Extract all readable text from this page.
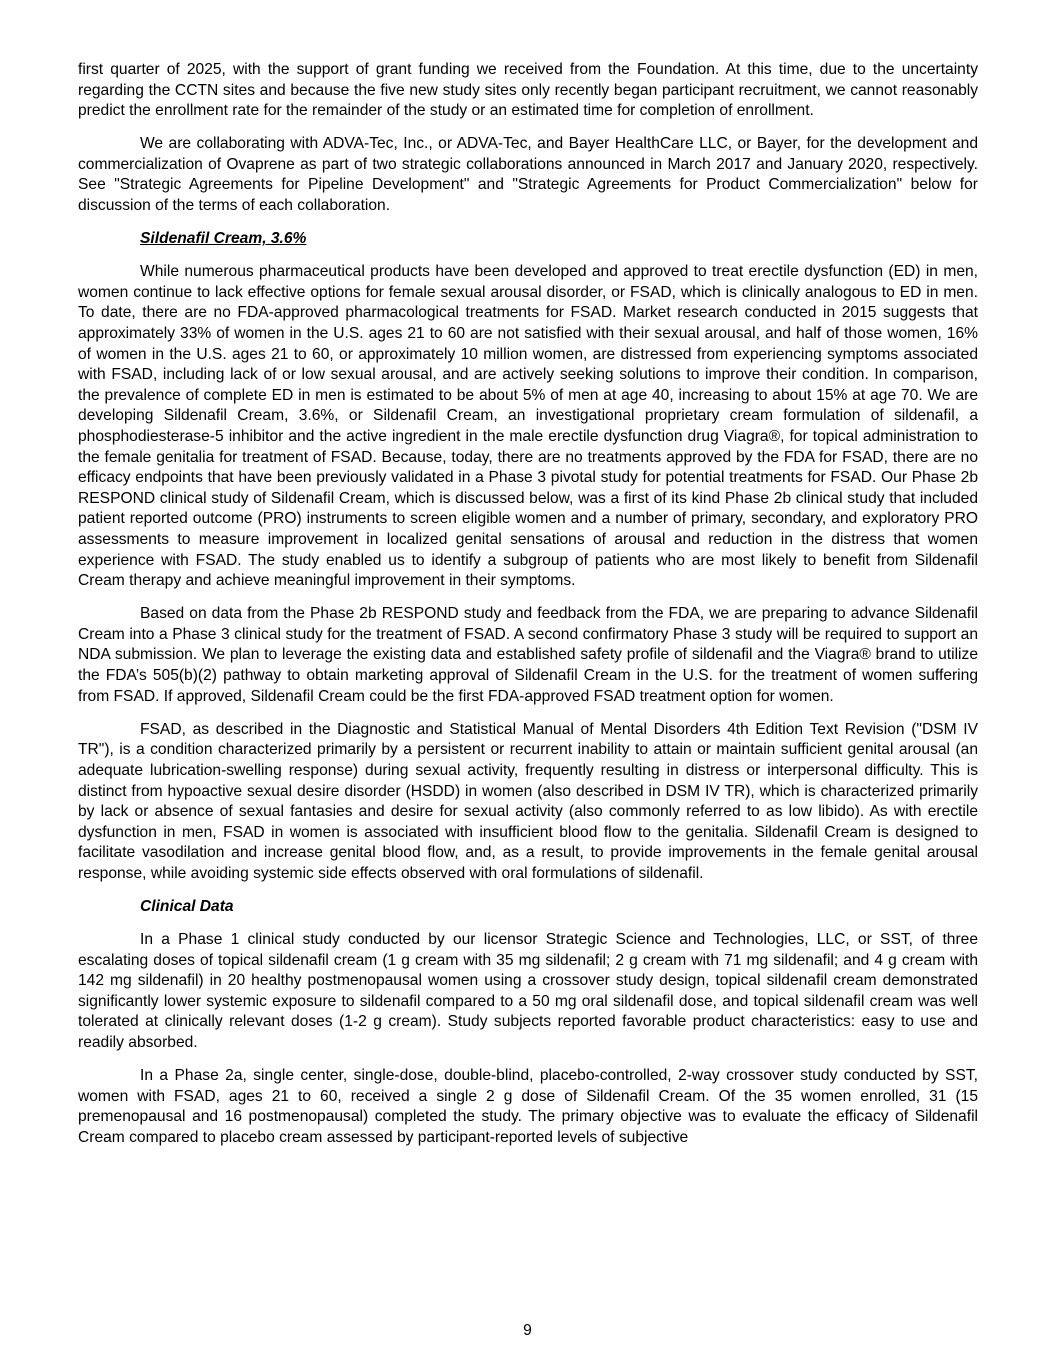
first quarter of 2025, with the support of grant funding we received from the Foundation. At this time, due to the uncertainty regarding the CCTN sites and because the five new study sites only recently began participant recruitment, we cannot reasonably predict the enrollment rate for the remainder of the study or an estimated time for completion of enrollment.

We are collaborating with ADVA-Tec, Inc., or ADVA-Tec, and Bayer HealthCare LLC, or Bayer, for the development and commercialization of Ovaprene as part of two strategic collaborations announced in March 2017 and January 2020, respectively. See "Strategic Agreements for Pipeline Development" and "Strategic Agreements for Product Commercialization" below for discussion of the terms of each collaboration.

Sildenafil Cream, 3.6%

While numerous pharmaceutical products have been developed and approved to treat erectile dysfunction (ED) in men, women continue to lack effective options for female sexual arousal disorder, or FSAD, which is clinically analogous to ED in men. To date, there are no FDA-approved pharmacological treatments for FSAD. Market research conducted in 2015 suggests that approximately 33% of women in the U.S. ages 21 to 60 are not satisfied with their sexual arousal, and half of those women, 16% of women in the U.S. ages 21 to 60, or approximately 10 million women, are distressed from experiencing symptoms associated with FSAD, including lack of or low sexual arousal, and are actively seeking solutions to improve their condition. In comparison, the prevalence of complete ED in men is estimated to be about 5% of men at age 40, increasing to about 15% at age 70. We are developing Sildenafil Cream, 3.6%, or Sildenafil Cream, an investigational proprietary cream formulation of sildenafil, a phosphodiesterase-5 inhibitor and the active ingredient in the male erectile dysfunction drug Viagra®, for topical administration to the female genitalia for treatment of FSAD. Because, today, there are no treatments approved by the FDA for FSAD, there are no efficacy endpoints that have been previously validated in a Phase 3 pivotal study for potential treatments for FSAD. Our Phase 2b RESPOND clinical study of Sildenafil Cream, which is discussed below, was a first of its kind Phase 2b clinical study that included patient reported outcome (PRO) instruments to screen eligible women and a number of primary, secondary, and exploratory PRO assessments to measure improvement in localized genital sensations of arousal and reduction in the distress that women experience with FSAD. The study enabled us to identify a subgroup of patients who are most likely to benefit from Sildenafil Cream therapy and achieve meaningful improvement in their symptoms.

Based on data from the Phase 2b RESPOND study and feedback from the FDA, we are preparing to advance Sildenafil Cream into a Phase 3 clinical study for the treatment of FSAD. A second confirmatory Phase 3 study will be required to support an NDA submission. We plan to leverage the existing data and established safety profile of sildenafil and the Viagra® brand to utilize the FDA’s 505(b)(2) pathway to obtain marketing approval of Sildenafil Cream in the U.S. for the treatment of women suffering from FSAD. If approved, Sildenafil Cream could be the first FDA-approved FSAD treatment option for women.

FSAD, as described in the Diagnostic and Statistical Manual of Mental Disorders 4th Edition Text Revision ("DSM IV TR"), is a condition characterized primarily by a persistent or recurrent inability to attain or maintain sufficient genital arousal (an adequate lubrication-swelling response) during sexual activity, frequently resulting in distress or interpersonal difficulty. This is distinct from hypoactive sexual desire disorder (HSDD) in women (also described in DSM IV TR), which is characterized primarily by lack or absence of sexual fantasies and desire for sexual activity (also commonly referred to as low libido). As with erectile dysfunction in men, FSAD in women is associated with insufficient blood flow to the genitalia. Sildenafil Cream is designed to facilitate vasodilation and increase genital blood flow, and, as a result, to provide improvements in the female genital arousal response, while avoiding systemic side effects observed with oral formulations of sildenafil.

Clinical Data

In a Phase 1 clinical study conducted by our licensor Strategic Science and Technologies, LLC, or SST, of three escalating doses of topical sildenafil cream (1 g cream with 35 mg sildenafil; 2 g cream with 71 mg sildenafil; and 4 g cream with 142 mg sildenafil) in 20 healthy postmenopausal women using a crossover study design, topical sildenafil cream demonstrated significantly lower systemic exposure to sildenafil compared to a 50 mg oral sildenafil dose, and topical sildenafil cream was well tolerated at clinically relevant doses (1-2 g cream). Study subjects reported favorable product characteristics: easy to use and readily absorbed.

In a Phase 2a, single center, single-dose, double-blind, placebo-controlled, 2-way crossover study conducted by SST, women with FSAD, ages 21 to 60, received a single 2 g dose of Sildenafil Cream. Of the 35 women enrolled, 31 (15 premenopausal and 16 postmenopausal) completed the study. The primary objective was to evaluate the efficacy of Sildenafil Cream compared to placebo cream assessed by participant-reported levels of subjective

9
